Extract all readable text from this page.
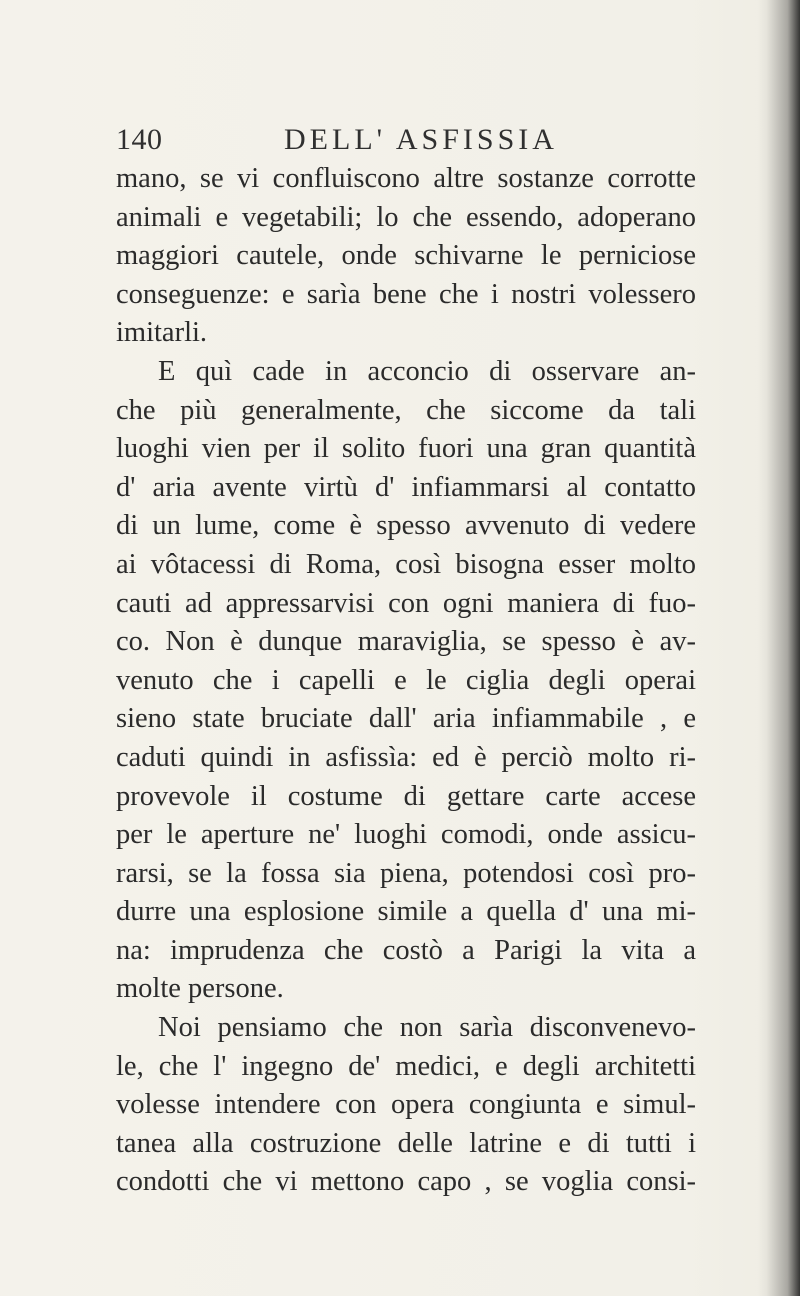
140	DELL' ASFISSIA
mano, se vi confluiscono altre sostanze corrotte
animali e vegetabili; lo che essendo, adoperano
maggiori cautele, onde schivarne le perniciose
conseguenze: e sarìa bene che i nostri volessero
imitarli.
E quì cade in acconcio di osservare an-
che più generalmente, che siccome da tali
luoghi vien per il solito fuori una gran quantità
d' aria avente virtù d' infiammarsi al contatto
di un lume, come è spesso avvenuto di vedere
ai vôtacessi di Roma, così bisogna esser molto
cauti ad appressarvisi con ogni maniera di fuo-
co. Non è dunque maraviglia, se spesso è av-
venuto che i capelli e le ciglia degli operai
sieno state bruciate dall' aria infiammabile , e
caduti quindi in asfissìa: ed è perciò molto ri-
provevole il costume di gettare carte accese
per le aperture ne' luoghi comodi, onde assicu-
rarsi, se la fossa sia piena, potendosi così pro-
durre una esplosione simile a quella d' una mi-
na: imprudenza che costò a Parigi la vita a
molte persone.
Noi pensiamo che non sarìa disconvenevo-
le, che l' ingegno de' medici, e degli architetti
volesse intendere con opera congiunta e simul-
tanea alla costruzione delle latrine e di tutti i
condotti che vi mettono capo , se voglia consi-
